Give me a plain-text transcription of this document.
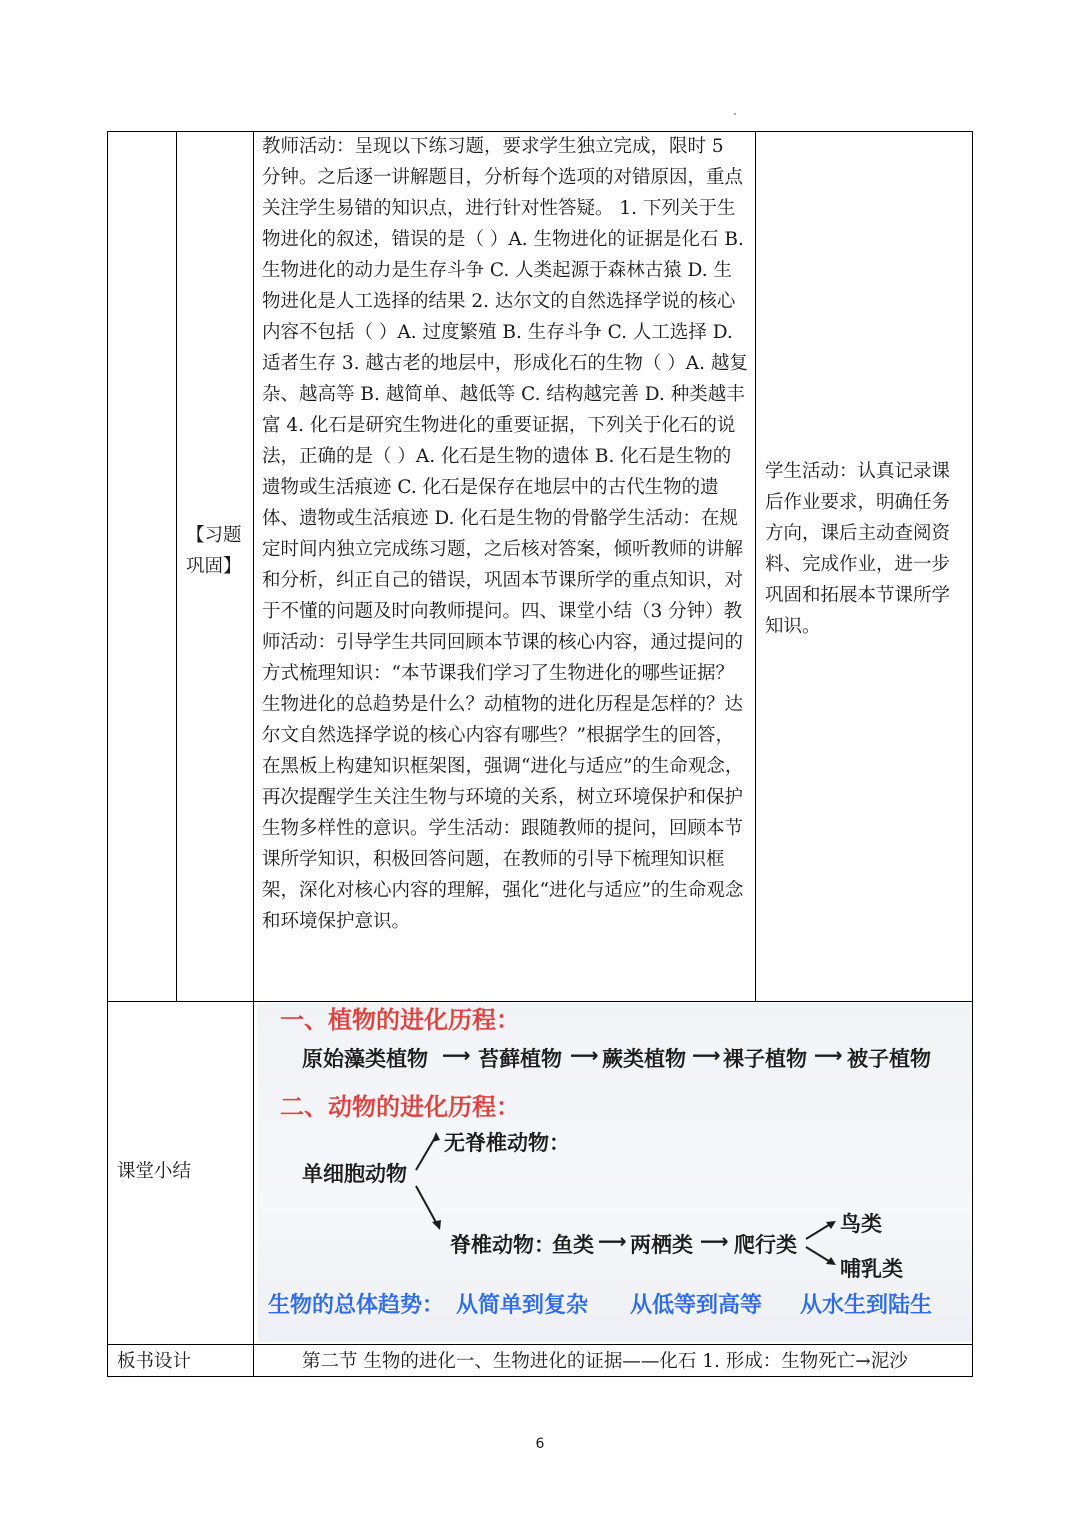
【习题巩固】
教师活动：呈现以下练习题，要求学生独立完成，限时 5 分钟。之后逐一讲解题目，分析每个选项的对错原因，重点关注学生易错的知识点，进行针对性答疑。 1. 下列关于生物进化的叙述，错误的是（ ）A. 生物进化的证据是化石 B. 生物进化的动力是生存斗争 C. 人类起源于森林古猿 D. 生物进化是人工选择的结果 2. 达尔文的自然选择学说的核心内容不包括（ ）A. 过度繁殖 B. 生存斗争 C. 人工选择 D. 适者生存 3. 越古老的地层中，形成化石的生物（ ）A. 越复杂、越高等 B. 越简单、越低等 C. 结构越完善 D. 种类越丰富 4. 化石是研究生物进化的重要证据，下列关于化石的说法，正确的是（ ）A. 化石是生物的遗体 B. 化石是生物的遗物或生活痕迹 C. 化石是保存在地层中的古代生物的遗体、遗物或生活痕迹 D. 化石是生物的骨骼学生活动：在规定时间内独立完成练习题，之后核对答案，倾听教师的讲解和分析，纠正自己的错误，巩固本节课所学的重点知识，对于不懂的问题及时向教师提问。四、课堂小结（3 分钟）教师活动：引导学生共同回顾本节课的核心内容，通过提问的方式梳理知识：“本节课我们学习了生物进化的哪些证据？生物进化的总趋势是什么？动植物的进化历程是怎样的？达尔文自然选择学说的核心内容有哪些？”根据学生的回答，在黑板上构建知识框架图，强调“进化与适应”的生命观念，再次提醒学生关注生物与环境的关系，树立环境保护和保护生物多样性的意识。学生活动：跟随教师的提问，回顾本节课所学知识，积极回答问题，在教师的引导下梳理知识框架，深化对核心内容的理解，强化“进化与适应”的生命观念和环境保护意识。
学生活动：认真记录课后作业要求，明确任务方向，课后主动查阅资料、完成作业，进一步巩固和拓展本节课所学知识。
课堂小结
一、植物的进化历程：
原始藻类植物 ⟶ 苔藓植物 ⟶ 蕨类植物 ⟶ 裸子植物 ⟶ 被子植物
二、动物的进化历程：
单细胞动物
无脊椎动物：
脊椎动物：
鱼类 ⟶ 两栖类 ⟶ 爬行类
鸟类
哺乳类
生物的总体趋势： 从简单到复杂 从低等到高等 从水生到陆生
板书设计	第二节 生物的进化一、生物进化的证据——化石 1. 形成：生物死亡→泥沙
6
